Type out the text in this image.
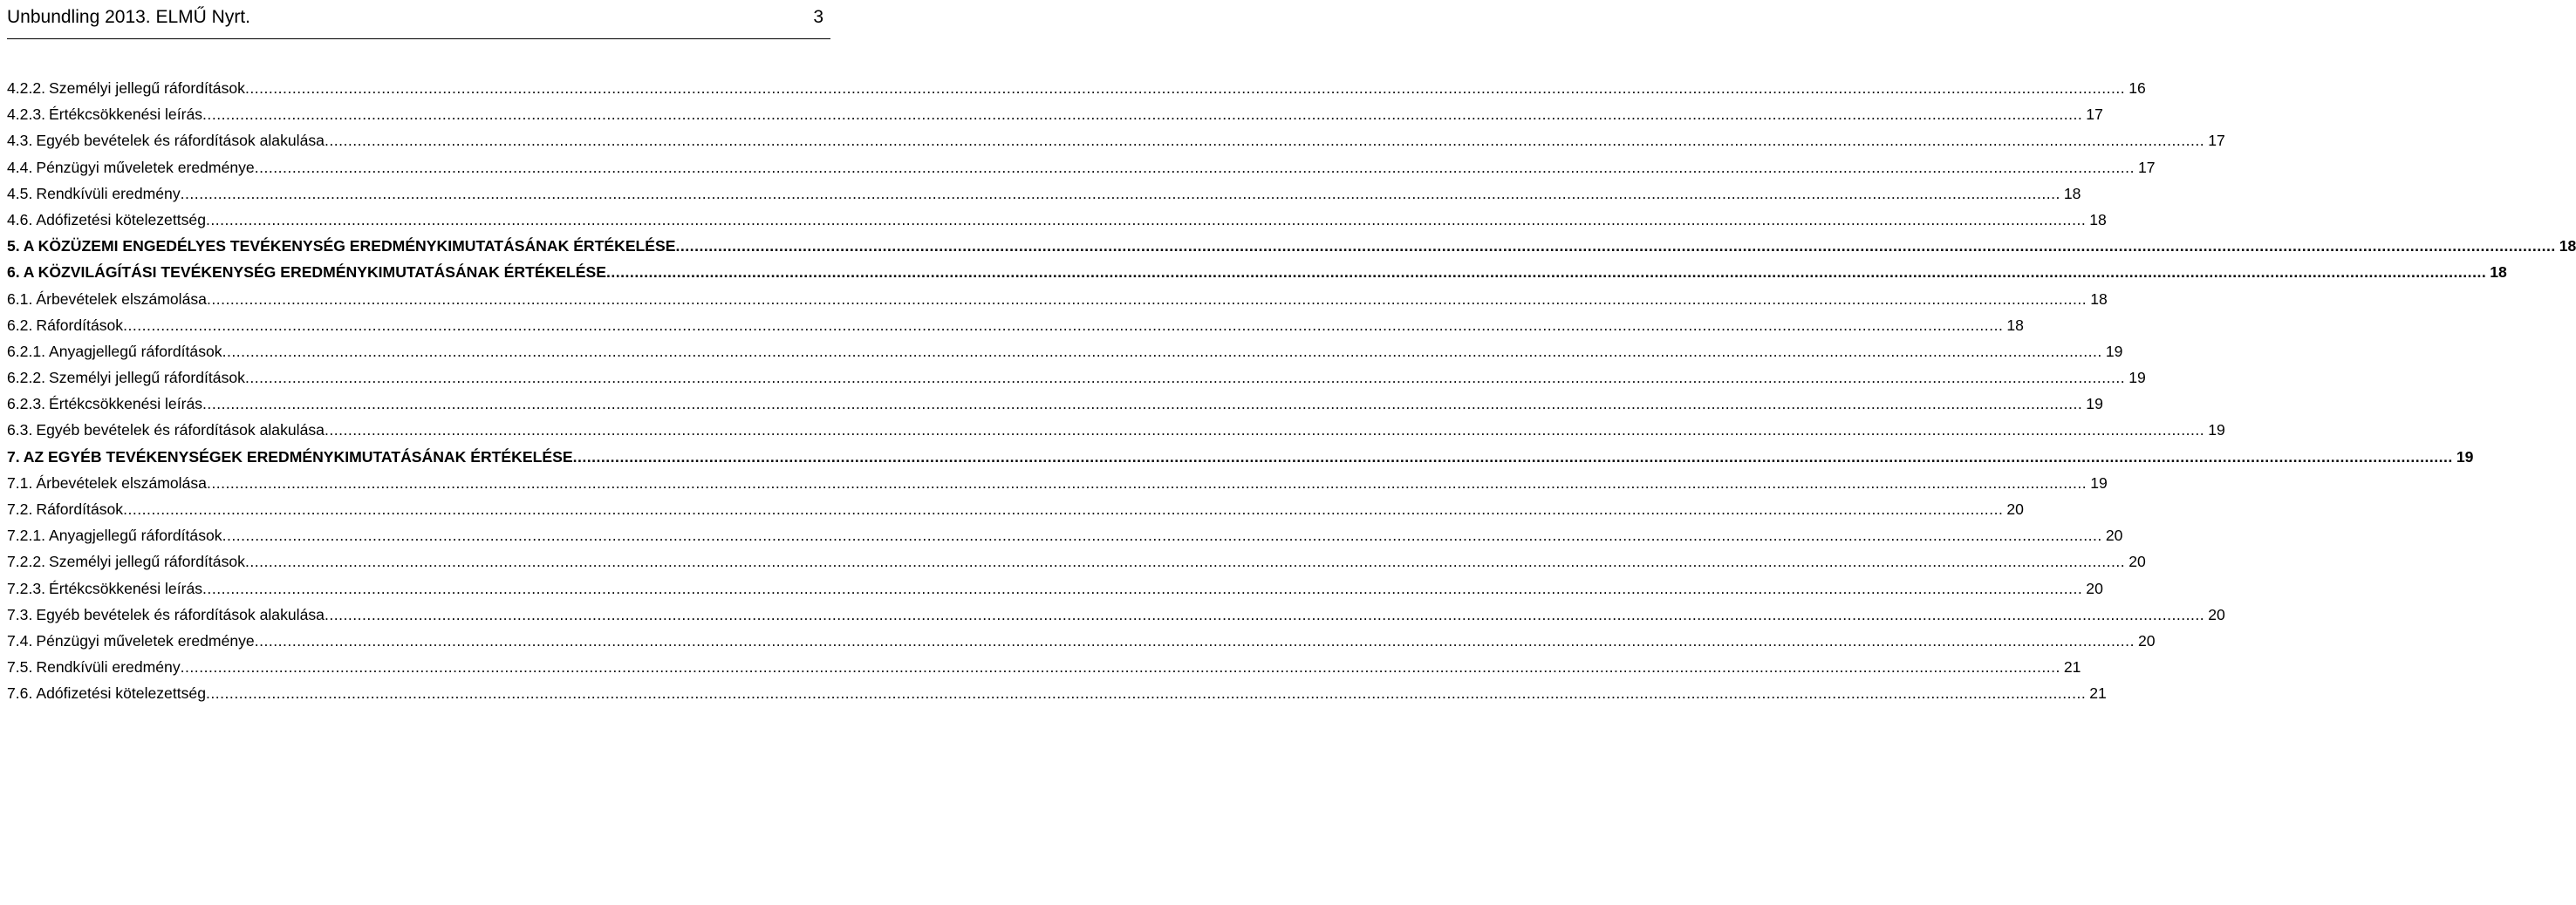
Unbundling 2013. ELMŰ Nyrt.	3
4.2.2. Személyi jellegű ráfordítások ................................................................................................................................................................................................................................................................................................................................................................................................................ 16
4.2.3. Értékcsökkenési leírás ................................................................................................................................................................................................................................................................................................................................................................................................................ 17
4.3. Egyéb bevételek és ráfordítások alakulása ................................................................................................................................................................................................................................................................................................................................................................................................................ 17
4.4. Pénzügyi műveletek eredménye ................................................................................................................................................................................................................................................................................................................................................................................................................ 17
4.5. Rendkívüli eredmény ................................................................................................................................................................................................................................................................................................................................................................................................................ 18
4.6. Adófizetési kötelezettség ................................................................................................................................................................................................................................................................................................................................................................................................................ 18
5. A KÖZÜZEMI ENGEDÉLYES TEVÉKENYSÉG EREDMÉNYKIMUTATÁSÁNAK ÉRTÉKELÉSE ................................................................................................................................................................................................................................................................................................................................................................................................................ 18
6. A KÖZVILÁGÍTÁSI TEVÉKENYSÉG EREDMÉNYKIMUTATÁSÁNAK ÉRTÉKELÉSE ................................................................................................................................................................................................................................................................................................................................................................................................................ 18
6.1. Árbevételek elszámolása ................................................................................................................................................................................................................................................................................................................................................................................................................ 18
6.2. Ráfordítások ................................................................................................................................................................................................................................................................................................................................................................................................................ 18
6.2.1. Anyagjellegű ráfordítások ................................................................................................................................................................................................................................................................................................................................................................................................................ 19
6.2.2. Személyi jellegű ráfordítások ................................................................................................................................................................................................................................................................................................................................................................................................................ 19
6.2.3. Értékcsökkenési leírás ................................................................................................................................................................................................................................................................................................................................................................................................................ 19
6.3. Egyéb bevételek és ráfordítások alakulása ................................................................................................................................................................................................................................................................................................................................................................................................................ 19
7. AZ EGYÉB TEVÉKENYSÉGEK EREDMÉNYKIMUTATÁSÁNAK ÉRTÉKELÉSE ................................................................................................................................................................................................................................................................................................................................................................................................................ 19
7.1. Árbevételek elszámolása ................................................................................................................................................................................................................................................................................................................................................................................................................ 19
7.2. Ráfordítások ................................................................................................................................................................................................................................................................................................................................................................................................................ 20
7.2.1. Anyagjellegű ráfordítások ................................................................................................................................................................................................................................................................................................................................................................................................................ 20
7.2.2. Személyi jellegű ráfordítások ................................................................................................................................................................................................................................................................................................................................................................................................................ 20
7.2.3. Értékcsökkenési leírás ................................................................................................................................................................................................................................................................................................................................................................................................................ 20
7.3. Egyéb bevételek és ráfordítások alakulása ................................................................................................................................................................................................................................................................................................................................................................................................................ 20
7.4. Pénzügyi műveletek eredménye ................................................................................................................................................................................................................................................................................................................................................................................................................ 20
7.5. Rendkívüli eredmény ................................................................................................................................................................................................................................................................................................................................................................................................................ 21
7.6. Adófizetési kötelezettség ................................................................................................................................................................................................................................................................................................................................................................................................................ 21
